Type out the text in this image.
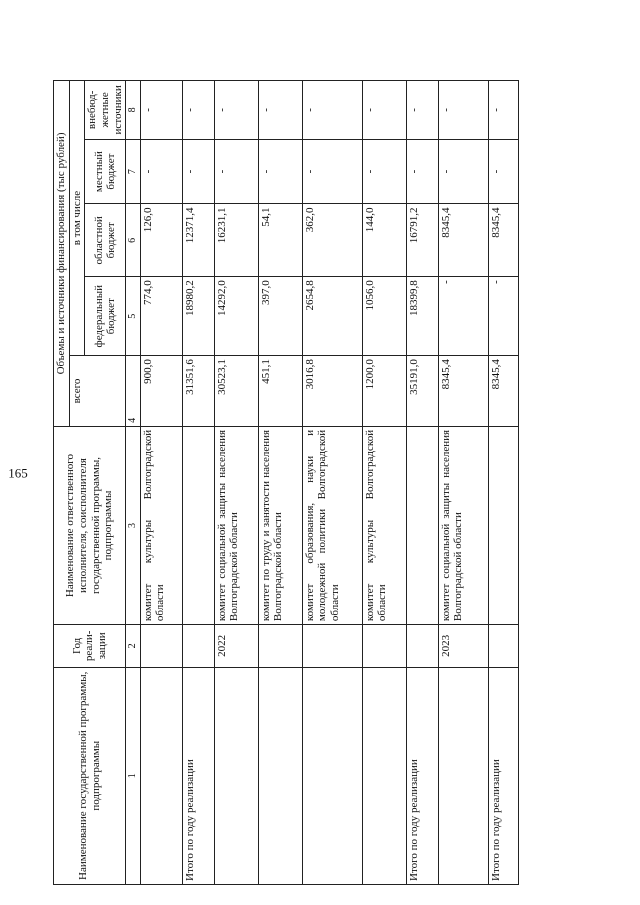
165
Наименование государственной программы, подпрограммы	Год реали-зации	Наименование ответственного исполнителя, соисполнителя государственной программы, подпрограммы	Объемы и источники финансирования (тыс рублей)				
			всего	в том числе			
				федеральный бюджет	областной бюджет	местный бюджет	внебюд-жетные источники
1	2	3	4	5	6	7	8
		комитет культуры Волгоградской области	900,0	774,0	126,0	-	-
Итого по году реализации			31351,6	18980,2	12371,4	-	-
	2022	комитет социальной защиты населения Волгоградской области	30523,1	14292,0	16231,1	-	-
		комитет по труду и занятости населения Волгоградской области	451,1	397,0	54,1	-	-
		комитет образования, науки и молодежной политики Волгоградской области	3016,8	2654,8	362,0	-	-
		комитет культуры Волгоградской области	1200,0	1056,0	144,0	-	-
Итого по году реализации			35191,0	18399,8	16791,2	-	-
	2023	комитет социальной защиты населения Волгоградской области	8345,4	-	8345,4	-	-
Итого по году реализации			8345,4	-	8345,4	-	-
